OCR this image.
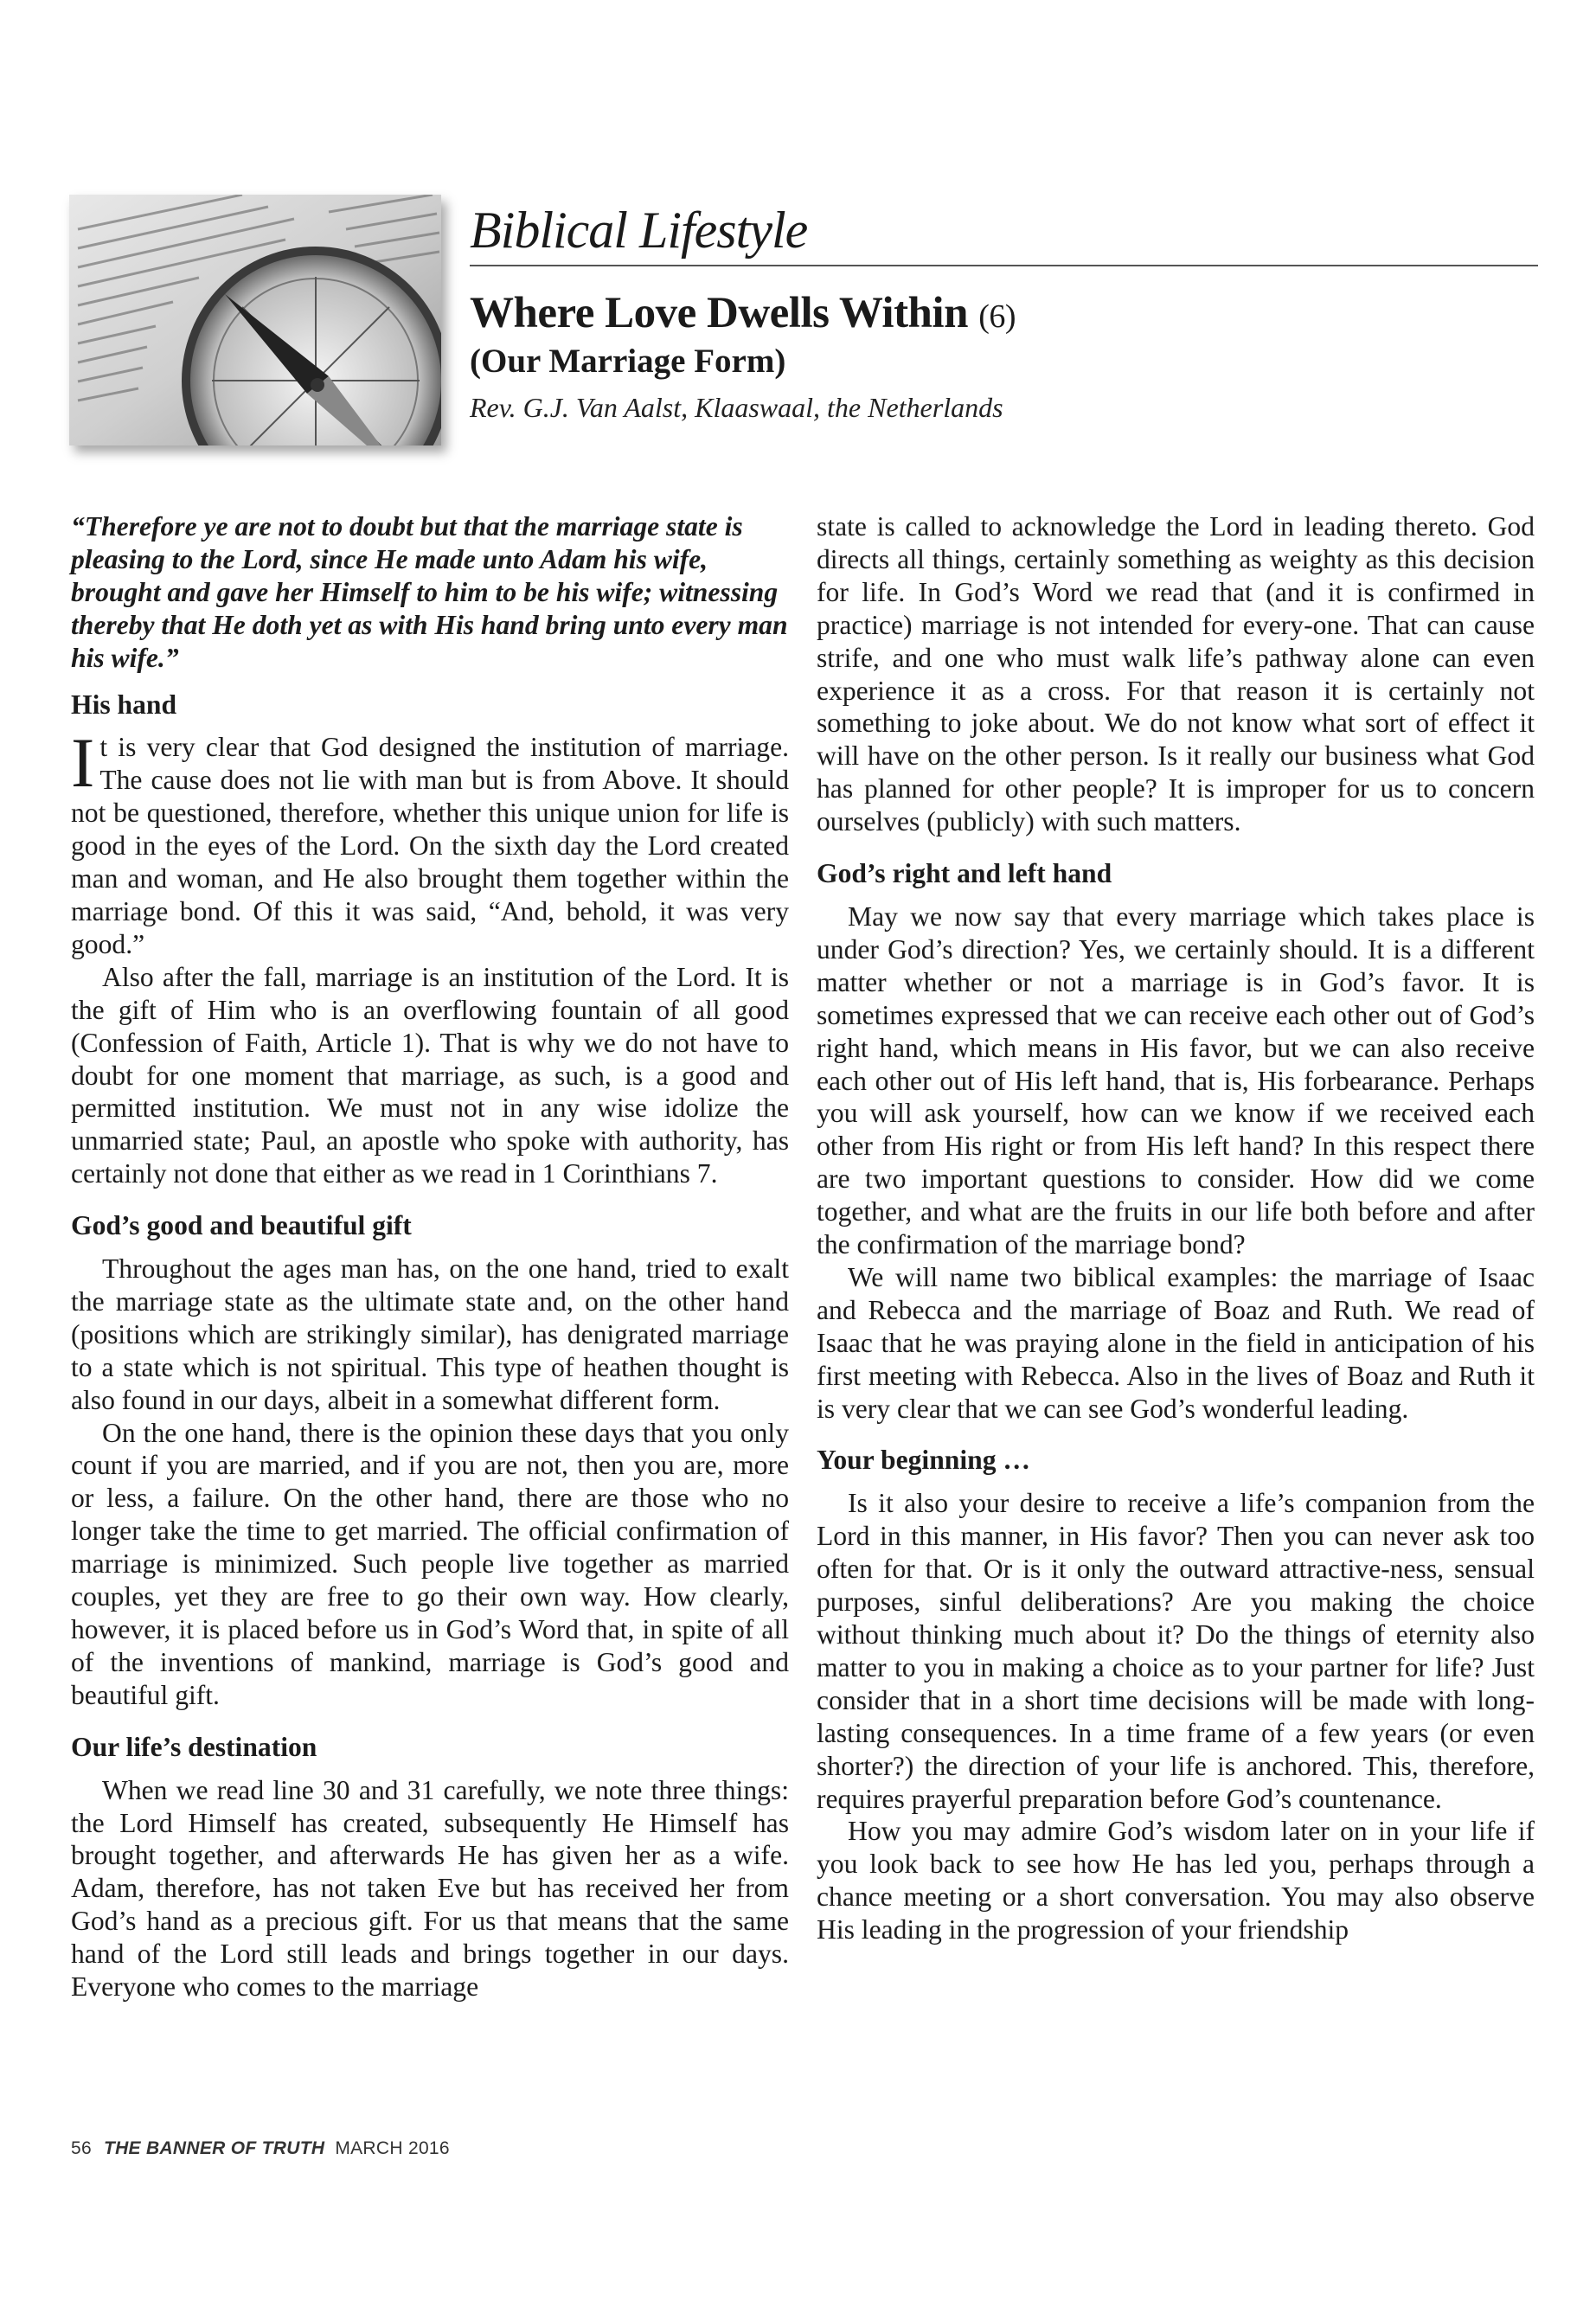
Biblical Lifestyle
Where Love Dwells Within (6)
(Our Marriage Form)

Rev. G.J. Van Aalst, Klaaswaal, the Netherlands

“Therefore ye are not to doubt but that the marriage state is pleasing to the Lord, since He made unto Adam his wife, brought and gave her Himself to him to be his wife; witnessing thereby that He doth yet as with His hand bring unto every man his wife.”

His hand

It is very clear that God designed the institution of marriage. The cause does not lie with man but is from Above. It should not be questioned, therefore, whether this unique union for life is good in the eyes of the Lord. On the sixth day the Lord created man and woman, and He also brought them together within the marriage bond. Of this it was said, “And, behold, it was very good.”

Also after the fall, marriage is an institution of the Lord. It is the gift of Him who is an overflowing fountain of all good (Confession of Faith, Article 1). That is why we do not have to doubt for one moment that marriage, as such, is a good and permitted institution. We must not in any wise idolize the unmarried state; Paul, an apostle who spoke with authority, has certainly not done that either as we read in 1 Corinthians 7.

God’s good and beautiful gift

Throughout the ages man has, on the one hand, tried to exalt the marriage state as the ultimate state and, on the other hand (positions which are strikingly similar), has denigrated marriage to a state which is not spiritual. This type of heathen thought is also found in our days, albeit in a somewhat different form.

On the one hand, there is the opinion these days that you only count if you are married, and if you are not, then you are, more or less, a failure. On the other hand, there are those who no longer take the time to get married. The official confirmation of marriage is minimized. Such people live together as married couples, yet they are free to go their own way. How clearly, however, it is placed before us in God’s Word that, in spite of all of the inventions of mankind, marriage is God’s good and beautiful gift.

Our life’s destination

When we read line 30 and 31 carefully, we note three things: the Lord Himself has created, subsequently He Himself has brought together, and afterwards He has given her as a wife. Adam, therefore, has not taken Eve but has received her from God’s hand as a precious gift. For us that means that the same hand of the Lord still leads and brings together in our days. Everyone who comes to the marriage

state is called to acknowledge the Lord in leading thereto. God directs all things, certainly something as weighty as this decision for life. In God’s Word we read that (and it is confirmed in practice) marriage is not intended for every-one. That can cause strife, and one who must walk life’s pathway alone can even experience it as a cross. For that reason it is certainly not something to joke about. We do not know what sort of effect it will have on the other person. Is it really our business what God has planned for other people? It is improper for us to concern ourselves (publicly) with such matters.

God’s right and left hand

May we now say that every marriage which takes place is under God’s direction? Yes, we certainly should. It is a different matter whether or not a marriage is in God’s favor. It is sometimes expressed that we can receive each other out of God’s right hand, which means in His favor, but we can also receive each other out of His left hand, that is, His forbearance. Perhaps you will ask yourself, how can we know if we received each other from His right or from His left hand? In this respect there are two important questions to consider. How did we come together, and what are the fruits in our life both before and after the confirmation of the marriage bond?

We will name two biblical examples: the marriage of Isaac and Rebecca and the marriage of Boaz and Ruth. We read of Isaac that he was praying alone in the field in anticipation of his first meeting with Rebecca. Also in the lives of Boaz and Ruth it is very clear that we can see God’s wonderful leading.

Your beginning …

Is it also your desire to receive a life’s companion from the Lord in this manner, in His favor? Then you can never ask too often for that. Or is it only the outward attractive-ness, sensual purposes, sinful deliberations? Are you making the choice without thinking much about it? Do the things of eternity also matter to you in making a choice as to your partner for life? Just consider that in a short time decisions will be made with long-lasting consequences. In a time frame of a few years (or even shorter?) the direction of your life is anchored. This, therefore, requires prayerful preparation before God’s countenance.

How you may admire God’s wisdom later on in your life if you look back to see how He has led you, perhaps through a chance meeting or a short conversation. You may also observe His leading in the progression of your friendship

56 THE BANNER OF TRUTH MARCH 2016
